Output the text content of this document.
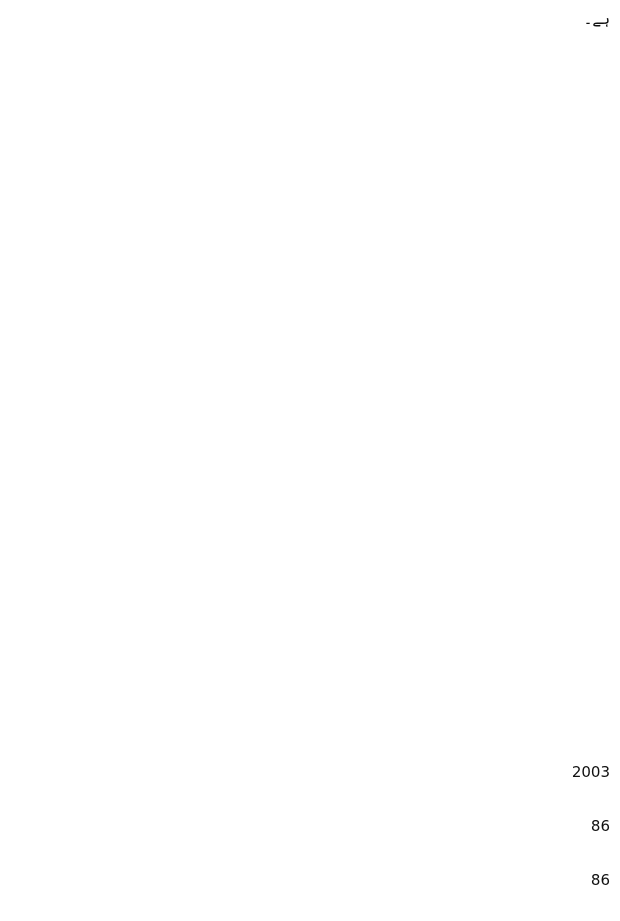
ہے۔
2003
86
86
